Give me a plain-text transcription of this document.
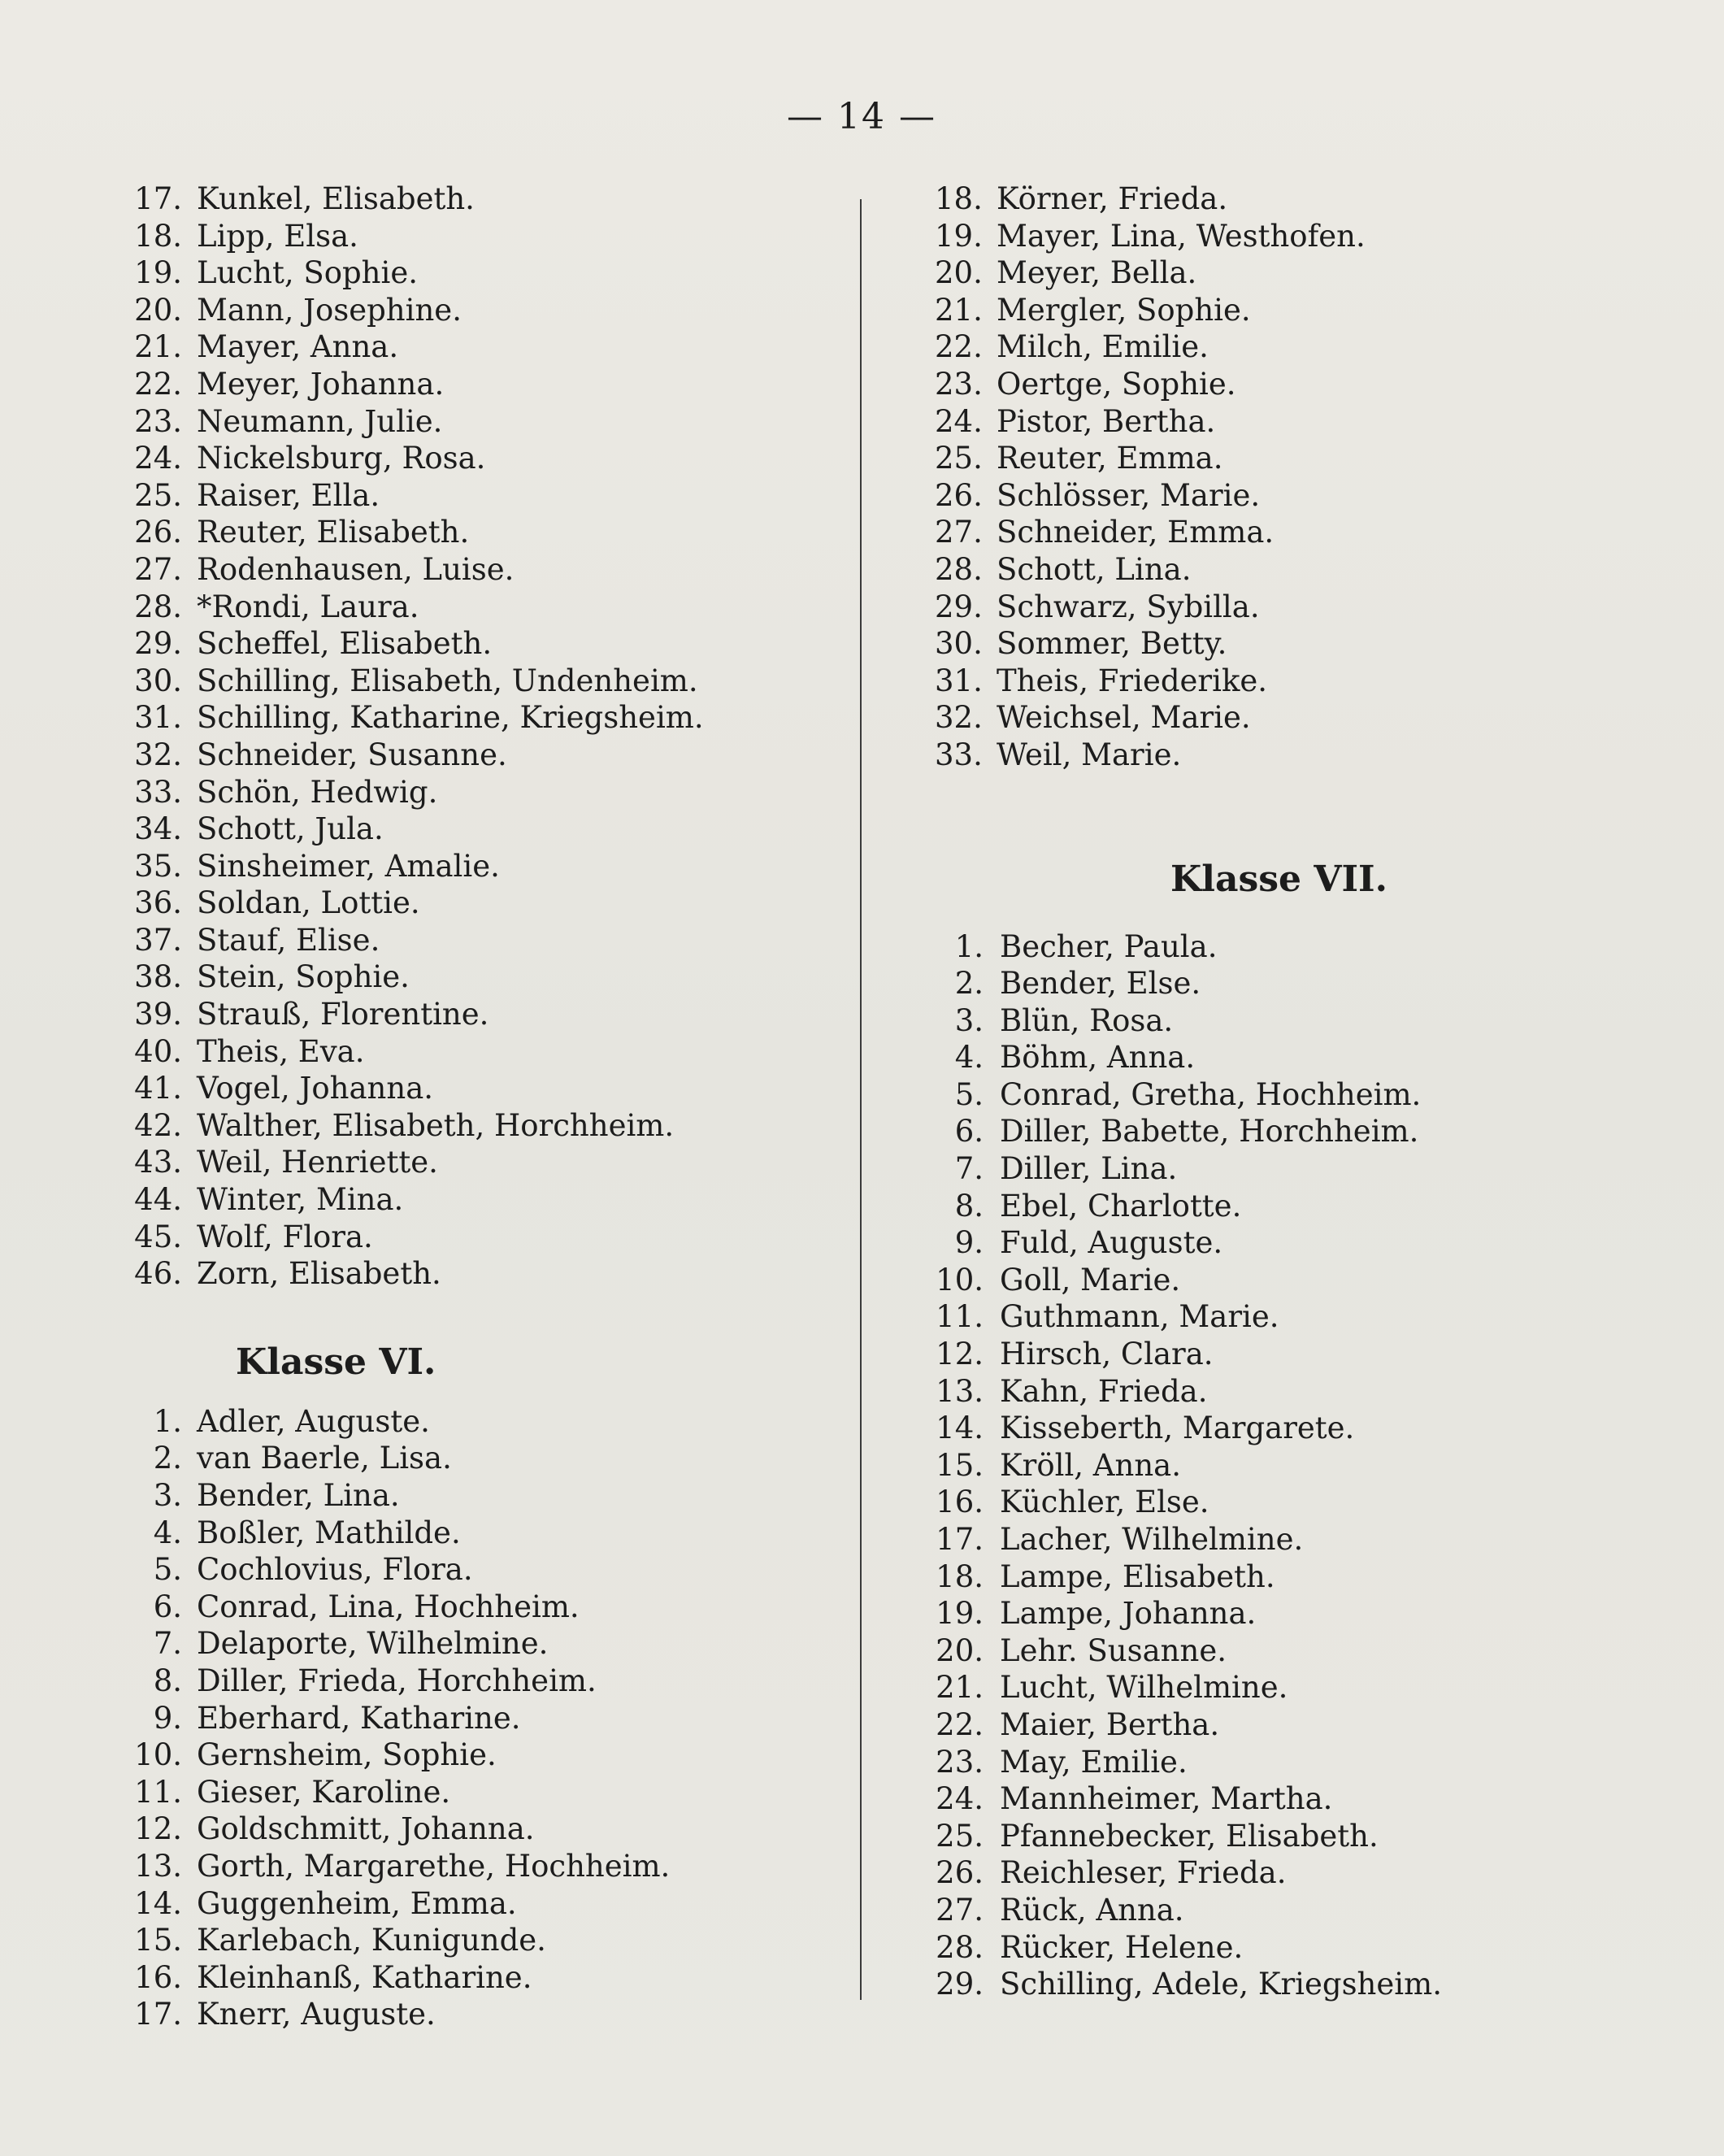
— 14 —
17. Kunkel, Elisabeth.
18. Lipp, Elsa.
19. Lucht, Sophie.
20. Mann, Josephine.
21. Mayer, Anna.
22. Meyer, Johanna.
23. Neumann, Julie.
24. Nickelsburg, Rosa.
25. Raiser, Ella.
26. Reuter, Elisabeth.
27. Rodenhausen, Luise.
28. *Rondi, Laura.
29. Scheffel, Elisabeth.
30. Schilling, Elisabeth, Undenheim.
31. Schilling, Katharine, Kriegsheim.
32. Schneider, Susanne.
33. Schön, Hedwig.
34. Schott, Jula.
35. Sinsheimer, Amalie.
36. Soldan, Lottie.
37. Stauf, Elise.
38. Stein, Sophie.
39. Strauß, Florentine.
40. Theis, Eva.
41. Vogel, Johanna.
42. Walther, Elisabeth, Horchheim.
43. Weil, Henriette.
44. Winter, Mina.
45. Wolf, Flora.
46. Zorn, Elisabeth.
Klasse VI.
1. Adler, Auguste.
2. van Baerle, Lisa.
3. Bender, Lina.
4. Boßler, Mathilde.
5. Cochlovius, Flora.
6. Conrad, Lina, Hochheim.
7. Delaporte, Wilhelmine.
8. Diller, Frieda, Horchheim.
9. Eberhard, Katharine.
10. Gernsheim, Sophie.
11. Gieser, Karoline.
12. Goldschmitt, Johanna.
13. Gorth, Margarethe, Hochheim.
14. Guggenheim, Emma.
15. Karlebach, Kunigunde.
16. Kleinhanß, Katharine.
17. Knerr, Auguste.
18. Körner, Frieda.
19. Mayer, Lina, Westhofen.
20. Meyer, Bella.
21. Mergler, Sophie.
22. Milch, Emilie.
23. Oertge, Sophie.
24. Pistor, Bertha.
25. Reuter, Emma.
26. Schlösser, Marie.
27. Schneider, Emma.
28. Schott, Lina.
29. Schwarz, Sybilla.
30. Sommer, Betty.
31. Theis, Friederike.
32. Weichsel, Marie.
33. Weil, Marie.
Klasse VII.
1. Becher, Paula.
2. Bender, Else.
3. Blün, Rosa.
4. Böhm, Anna.
5. Conrad, Gretha, Hochheim.
6. Diller, Babette, Horchheim.
7. Diller, Lina.
8. Ebel, Charlotte.
9. Fuld, Auguste.
10. Goll, Marie.
11. Guthmann, Marie.
12. Hirsch, Clara.
13. Kahn, Frieda.
14. Kisseberth, Margarete.
15. Kröll, Anna.
16. Küchler, Else.
17. Lacher, Wilhelmine.
18. Lampe, Elisabeth.
19. Lampe, Johanna.
20. Lehr. Susanne.
21. Lucht, Wilhelmine.
22. Maier, Bertha.
23. May, Emilie.
24. Mannheimer, Martha.
25. Pfannebecker, Elisabeth.
26. Reichleser, Frieda.
27. Rück, Anna.
28. Rücker, Helene.
29. Schilling, Adele, Kriegsheim.
